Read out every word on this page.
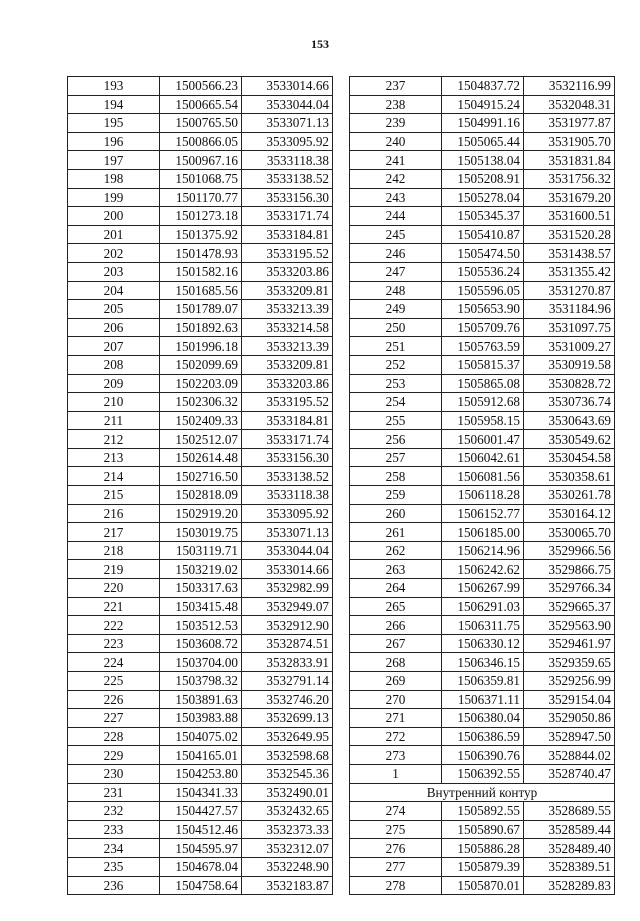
153
193	1500566.23	3533014.66
194	1500665.54	3533044.04
195	1500765.50	3533071.13
196	1500866.05	3533095.92
197	1500967.16	3533118.38
198	1501068.75	3533138.52
199	1501170.77	3533156.30
200	1501273.18	3533171.74
201	1501375.92	3533184.81
202	1501478.93	3533195.52
203	1501582.16	3533203.86
204	1501685.56	3533209.81
205	1501789.07	3533213.39
206	1501892.63	3533214.58
207	1501996.18	3533213.39
208	1502099.69	3533209.81
209	1502203.09	3533203.86
210	1502306.32	3533195.52
211	1502409.33	3533184.81
212	1502512.07	3533171.74
213	1502614.48	3533156.30
214	1502716.50	3533138.52
215	1502818.09	3533118.38
216	1502919.20	3533095.92
217	1503019.75	3533071.13
218	1503119.71	3533044.04
219	1503219.02	3533014.66
220	1503317.63	3532982.99
221	1503415.48	3532949.07
222	1503512.53	3532912.90
223	1503608.72	3532874.51
224	1503704.00	3532833.91
225	1503798.32	3532791.14
226	1503891.63	3532746.20
227	1503983.88	3532699.13
228	1504075.02	3532649.95
229	1504165.01	3532598.68
230	1504253.80	3532545.36
231	1504341.33	3532490.01
232	1504427.57	3532432.65
233	1504512.46	3532373.33
234	1504595.97	3532312.07
235	1504678.04	3532248.90
236	1504758.64	3532183.87
237	1504837.72	3532116.99
238	1504915.24	3532048.31
239	1504991.16	3531977.87
240	1505065.44	3531905.70
241	1505138.04	3531831.84
242	1505208.91	3531756.32
243	1505278.04	3531679.20
244	1505345.37	3531600.51
245	1505410.87	3531520.28
246	1505474.50	3531438.57
247	1505536.24	3531355.42
248	1505596.05	3531270.87
249	1505653.90	3531184.96
250	1505709.76	3531097.75
251	1505763.59	3531009.27
252	1505815.37	3530919.58
253	1505865.08	3530828.72
254	1505912.68	3530736.74
255	1505958.15	3530643.69
256	1506001.47	3530549.62
257	1506042.61	3530454.58
258	1506081.56	3530358.61
259	1506118.28	3530261.78
260	1506152.77	3530164.12
261	1506185.00	3530065.70
262	1506214.96	3529966.56
263	1506242.62	3529866.75
264	1506267.99	3529766.34
265	1506291.03	3529665.37
266	1506311.75	3529563.90
267	1506330.12	3529461.97
268	1506346.15	3529359.65
269	1506359.81	3529256.99
270	1506371.11	3529154.04
271	1506380.04	3529050.86
272	1506386.59	3528947.50
273	1506390.76	3528844.02
1	1506392.55	3528740.47
Внутренний контур		
274	1505892.55	3528689.55
275	1505890.67	3528589.44
276	1505886.28	3528489.40
277	1505879.39	3528389.51
278	1505870.01	3528289.83
